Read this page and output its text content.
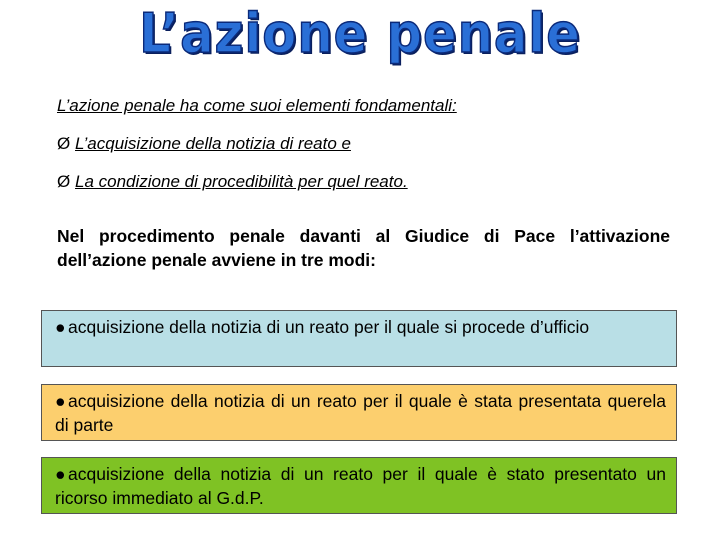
L’azione penale
L’azione penale ha come suoi elementi fondamentali:
Ø L’acquisizione della notizia di reato e
Ø La condizione di procedibilità per quel reato.
Nel procedimento penale davanti al Giudice di Pace l’attivazione dell’azione penale avviene in tre modi:
● acquisizione della notizia di un reato per il quale si procede d’ufficio
● acquisizione della notizia di un reato per il quale è stata presentata querela di parte
● acquisizione della notizia di un reato per il quale è stato presentato un ricorso immediato al G.d.P.
